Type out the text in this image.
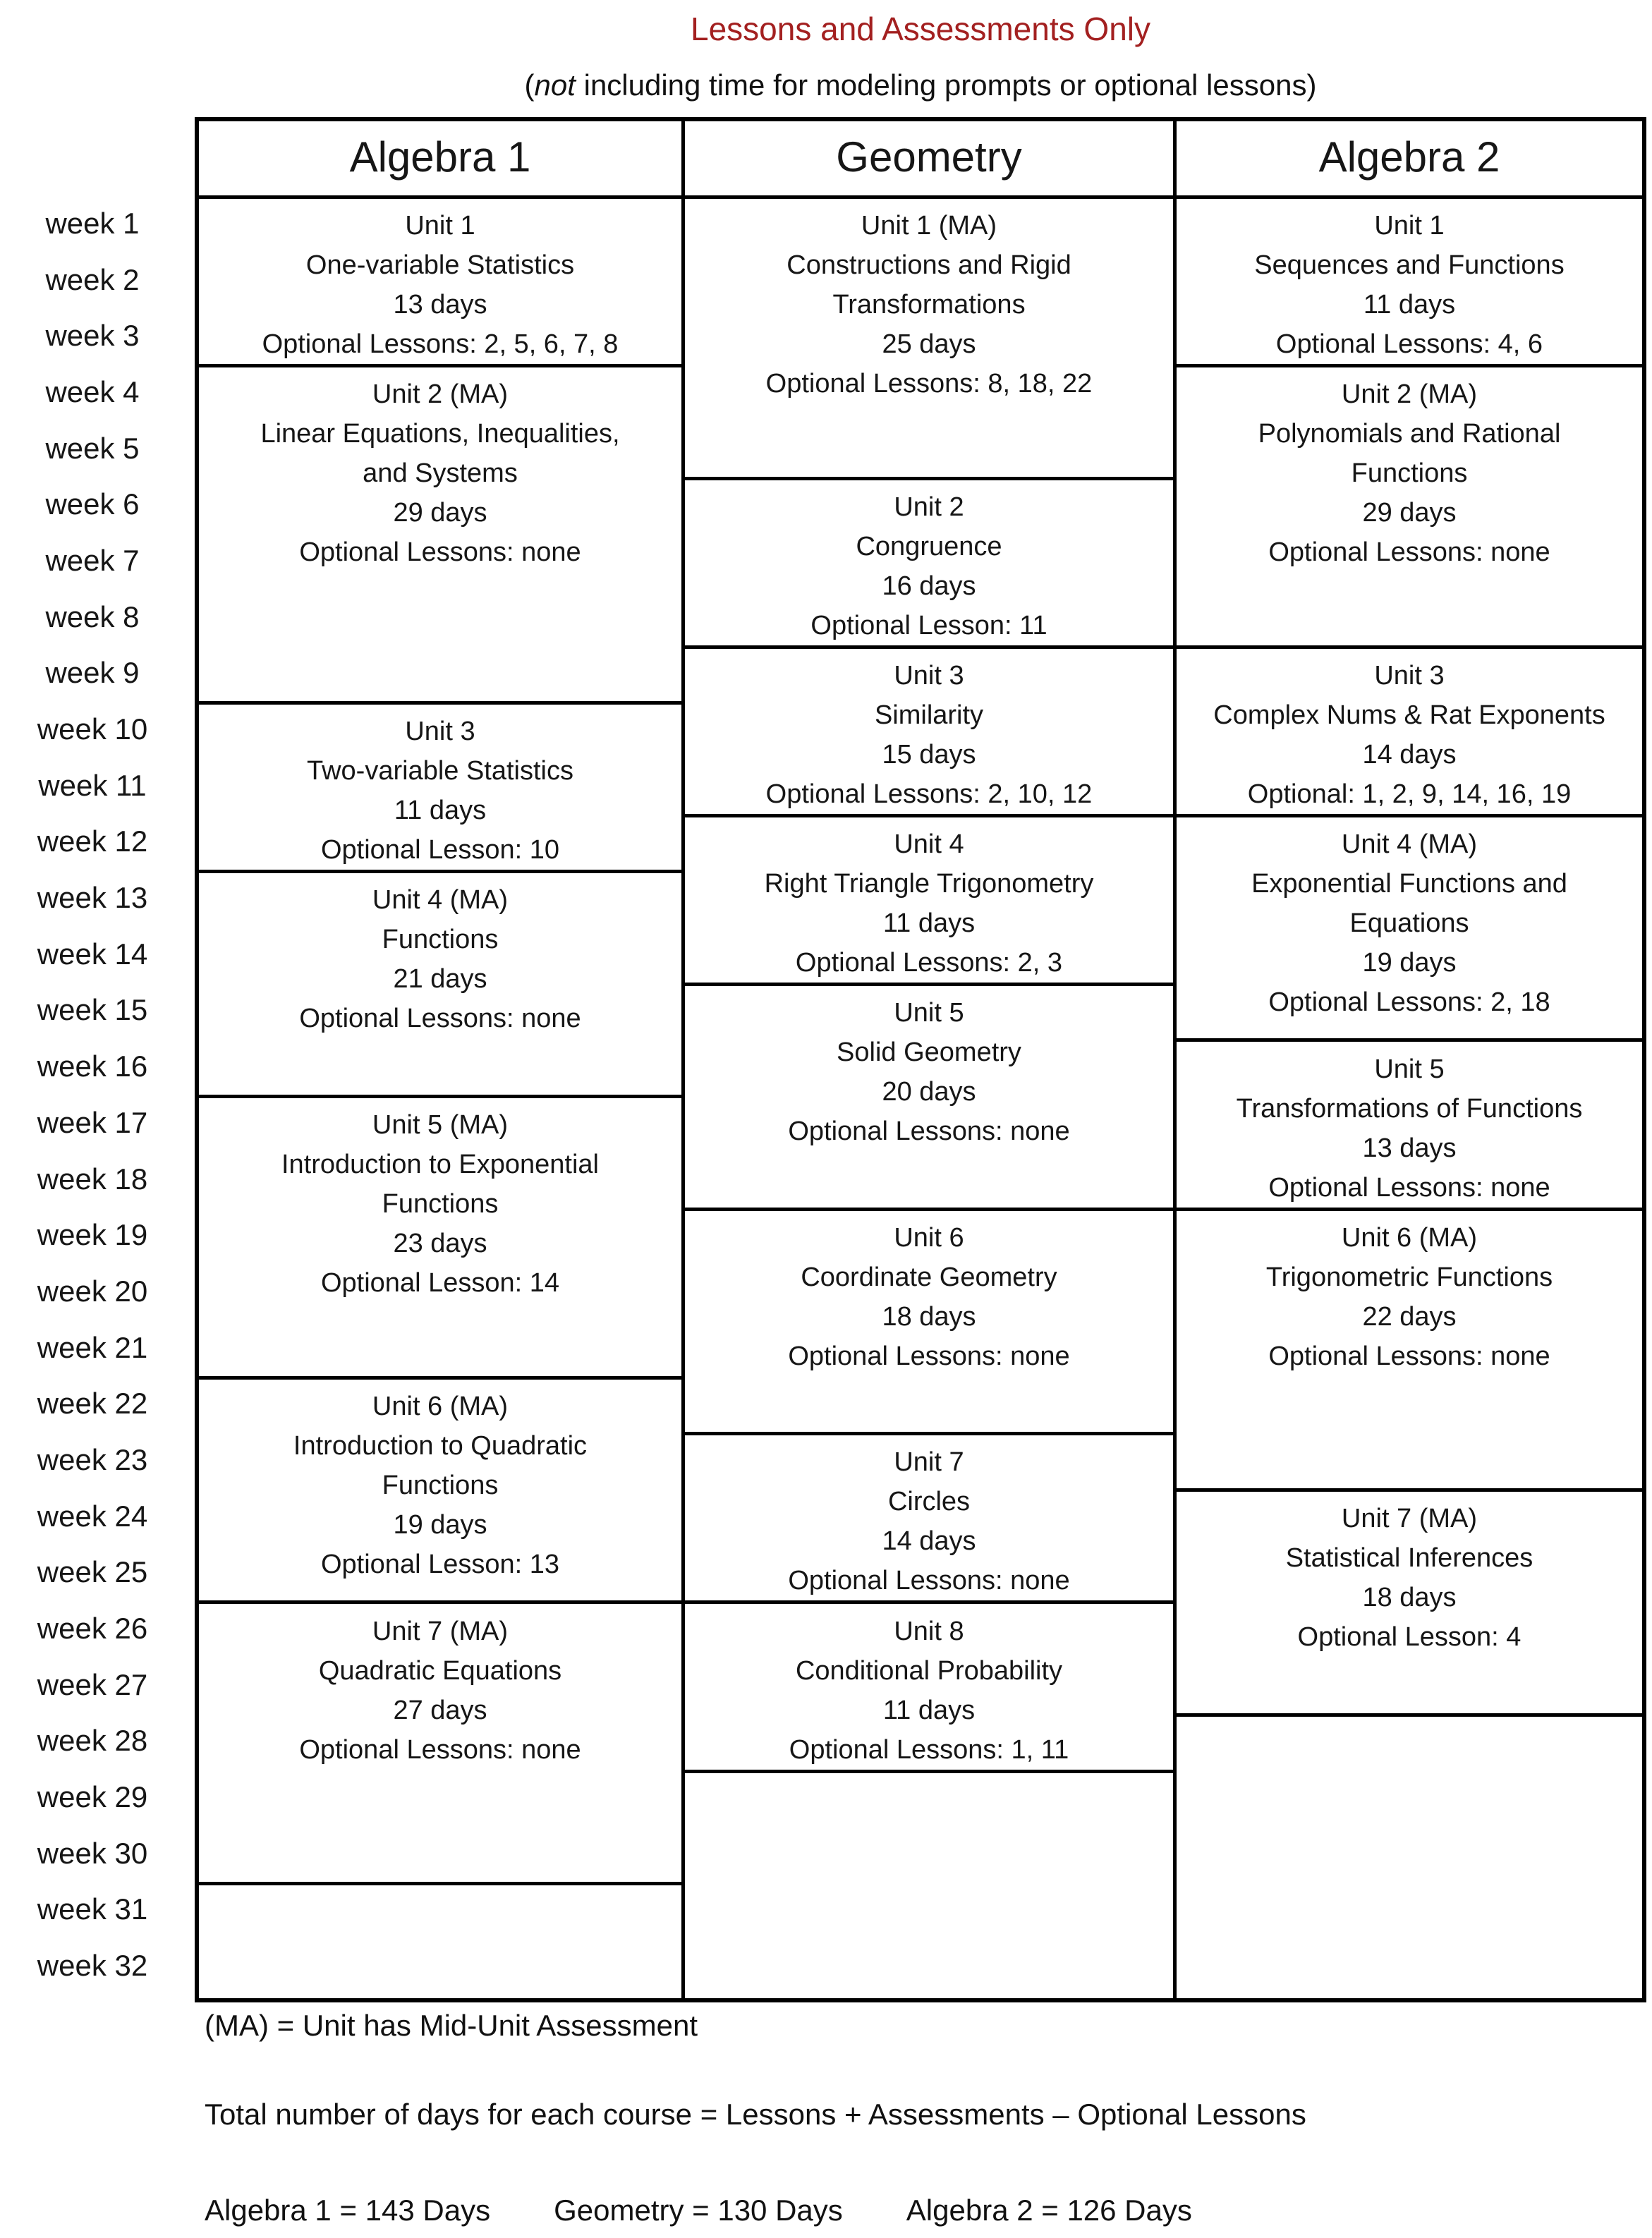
Lessons and Assessments Only
(not including time for modeling prompts or optional lessons)
week 1
week 2
week 3
week 4
week 5
week 6
week 7
week 8
week 9
week 10
week 11
week 12
week 13
week 14
week 15
week 16
week 17
week 18
week 19
week 20
week 21
week 22
week 23
week 24
week 25
week 26
week 27
week 28
week 29
week 30
week 31
week 32
Algebra 1	Geometry	Algebra 2
Unit 1
One-variable Statistics
13 days
Optional Lessons: 2, 5, 6, 7, 8
Unit 2 (MA)
Linear Equations, Inequalities,
and Systems
29 days
Optional Lessons: none
Unit 3
Two-variable Statistics
11 days
Optional Lesson: 10
Unit 4 (MA)
Functions
21 days
Optional Lessons: none
Unit 5 (MA)
Introduction to Exponential
Functions
23 days
Optional Lesson: 14
Unit 6 (MA)
Introduction to Quadratic
Functions
19 days
Optional Lesson: 13
Unit 7 (MA)
Quadratic Equations
27 days
Optional Lessons: none
Unit 1 (MA)
Constructions and Rigid
Transformations
25 days
Optional Lessons: 8, 18, 22
Unit 2
Congruence
16 days
Optional Lesson: 11
Unit 3
Similarity
15 days
Optional Lessons: 2, 10, 12
Unit 4
Right Triangle Trigonometry
11 days
Optional Lessons: 2, 3
Unit 5
Solid Geometry
20 days
Optional Lessons: none
Unit 6
Coordinate Geometry
18 days
Optional Lessons: none
Unit 7
Circles
14 days
Optional Lessons: none
Unit 8
Conditional Probability
11 days
Optional Lessons: 1, 11
Unit 1
Sequences and Functions
11 days
Optional Lessons: 4, 6
Unit 2 (MA)
Polynomials and Rational
Functions
29 days
Optional Lessons: none
Unit 3
Complex Nums & Rat Exponents
14 days
Optional: 1, 2, 9, 14, 16, 19
Unit 4 (MA)
Exponential Functions and
Equations
19 days
Optional Lessons: 2, 18
Unit 5
Transformations of Functions
13 days
Optional Lessons: none
Unit 6 (MA)
Trigonometric Functions
22 days
Optional Lessons: none
Unit 7 (MA)
Statistical Inferences
18 days
Optional Lesson: 4
(MA) = Unit has Mid-Unit Assessment
Total number of days for each course = Lessons + Assessments – Optional Lessons
Algebra 1 = 143 Days Geometry = 130 Days Algebra 2 = 126 Days
